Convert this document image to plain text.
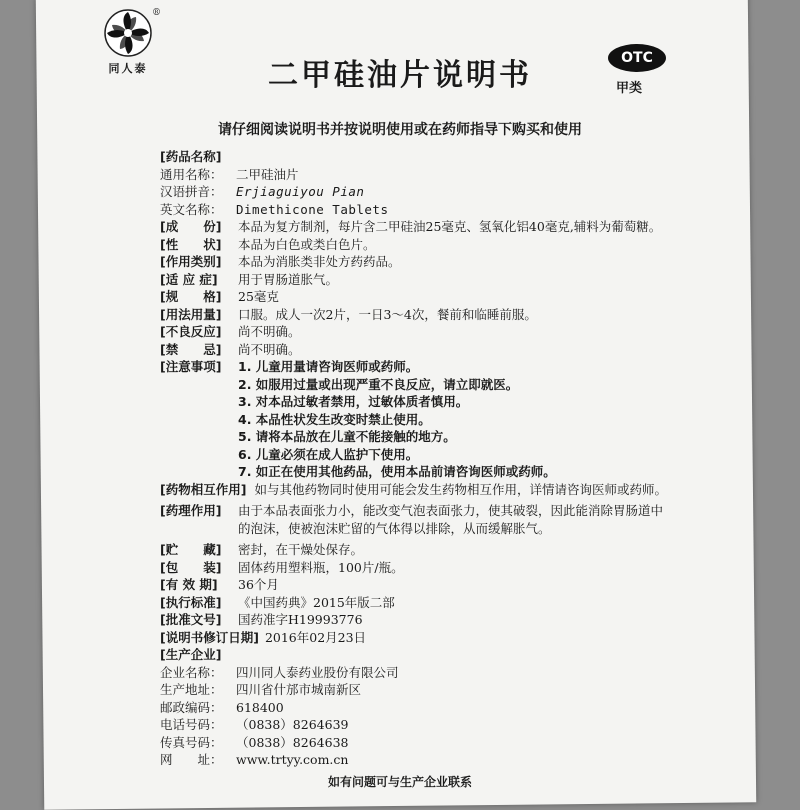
®
同人泰	二甲硅油片说明书	OTC
甲类
请仔细阅读说明书并按说明使用或在药师指导下购买和使用
[药品名称]
通用名称：	二甲硅油片
汉语拼音：	Erjiaguiyou Pian
英文名称：	Dimethicone Tablets
[成　　份]	本品为复方制剂，每片含二甲硅油25毫克、氢氧化铝40毫克,辅料为葡萄糖。
[性　　状]	本品为白色或类白色片。
[作用类别]	本品为消胀类非处方药药品。
[适 应 症]	用于胃肠道胀气。
[规　　格]	25毫克
[用法用量]	口服。成人一次2片，一日3～4次，餐前和临睡前服。
[不良反应]	尚不明确。
[禁　　忌]	尚不明确。
[注意事项]	1. 儿童用量请咨询医师或药师。
2. 如服用过量或出现严重不良反应，请立即就医。
3. 对本品过敏者禁用，过敏体质者慎用。
4. 本品性状发生改变时禁止使用。
5. 请将本品放在儿童不能接触的地方。
6. 儿童必须在成人监护下使用。
7. 如正在使用其他药品，使用本品前请咨询医师或药师。
[药物相互作用] 如与其他药物同时使用可能会发生药物相互作用，详情请咨询医师或药师。
[药理作用]	由于本品表面张力小，能改变气泡表面张力，使其破裂，因此能消除胃肠道中的泡沫，使被泡沫贮留的气体得以排除，从而缓解胀气。
[贮　　藏]	密封，在干燥处保存。
[包　　装]	固体药用塑料瓶，100片/瓶。
[有 效 期]	36个月
[执行标准]	《中国药典》2015年版二部
[批准文号]	国药准字H19993776
[说明书修订日期] 2016年02月23日
[生产企业]
企业名称：	四川同人泰药业股份有限公司
生产地址：	四川省什邡市城南新区
邮政编码：	618400
电话号码：	（0838）8264639
传真号码：	（0838）8264638
网　　址：	www.trtyy.com.cn
如有问题可与生产企业联系
